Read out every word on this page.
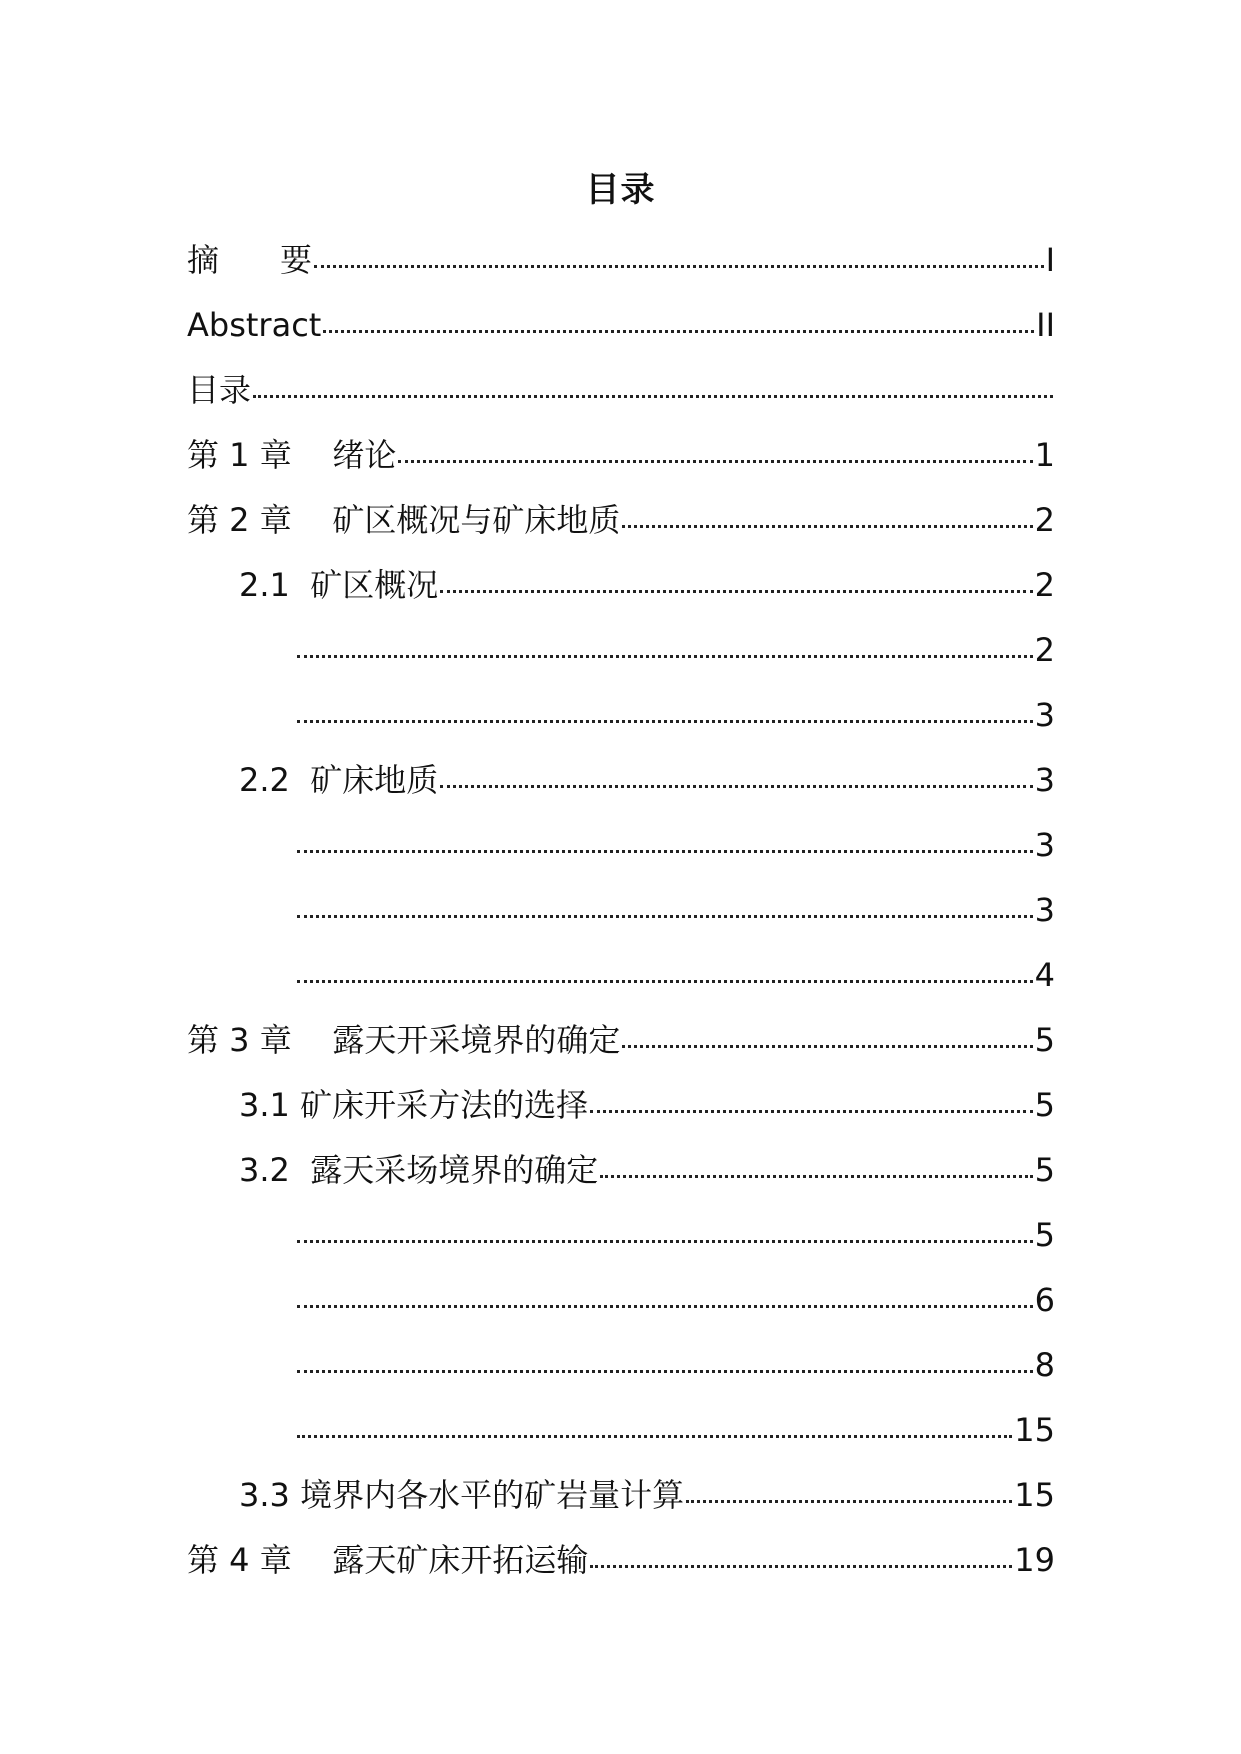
目录
摘      要	I
Abstract	II
目录
第 1 章    绪论	1
第 2 章    矿区概况与矿床地质	2
2.1  矿区概况	2
2
3
2.2  矿床地质	3
3
3
4
第 3 章    露天开采境界的确定	5
3.1 矿床开采方法的选择	5
3.2  露天采场境界的确定	5
5
6
8
15
3.3 境界内各水平的矿岩量计算	15
第 4 章    露天矿床开拓运输	19
